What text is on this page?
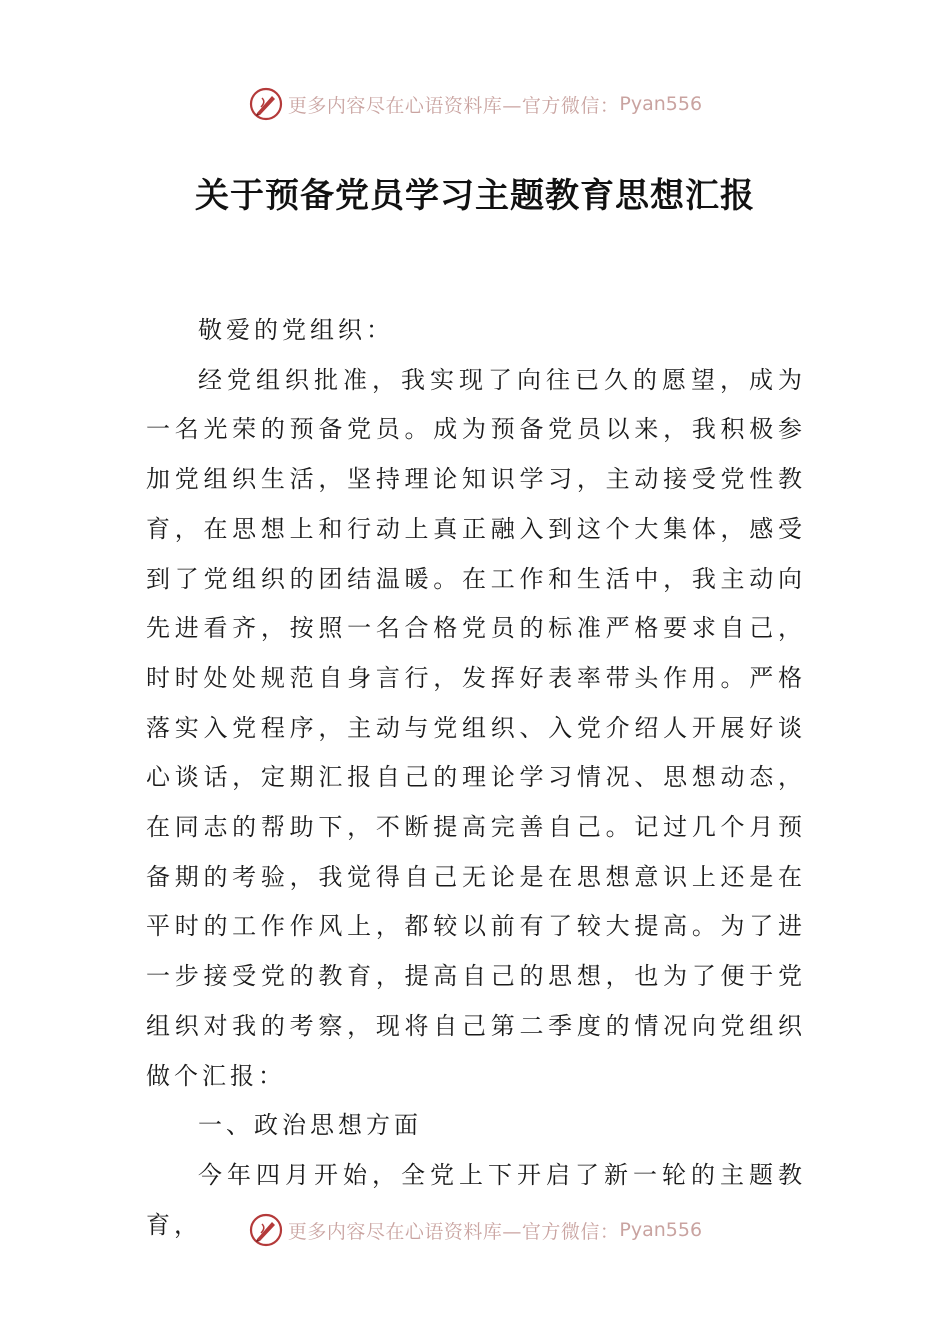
更多内容尽在心语资料库—官方微信： Pyan556
关于预备党员学习主题教育思想汇报

敬爱的党组织：

经党组织批准，我实现了向往已久的愿望，成为一名光荣的预备党员。成为预备党员以来，我积极参加党组织生活，坚持理论知识学习，主动接受党性教育，在思想上和行动上真正融入到这个大集体，感受到了党组织的团结温暖。在工作和生活中，我主动向先进看齐，按照一名合格党员的标准严格要求自己，时时处处规范自身言行，发挥好表率带头作用。严格落实入党程序，主动与党组织、入党介绍人开展好谈心谈话，定期汇报自己的理论学习情况、思想动态，在同志的帮助下，不断提高完善自己。记过几个月预备期的考验，我觉得自己无论是在思想意识上还是在平时的工作作风上，都较以前有了较大提高。为了进一步接受党的教育，提高自己的思想，也为了便于党组织对我的考察，现将自己第二季度的情况向党组织做个汇报：

一、政治思想方面

今年四月开始，全党上下开启了新一轮的主题教育，	更多内容尽在心语资料库—官方微信： Pyan556
